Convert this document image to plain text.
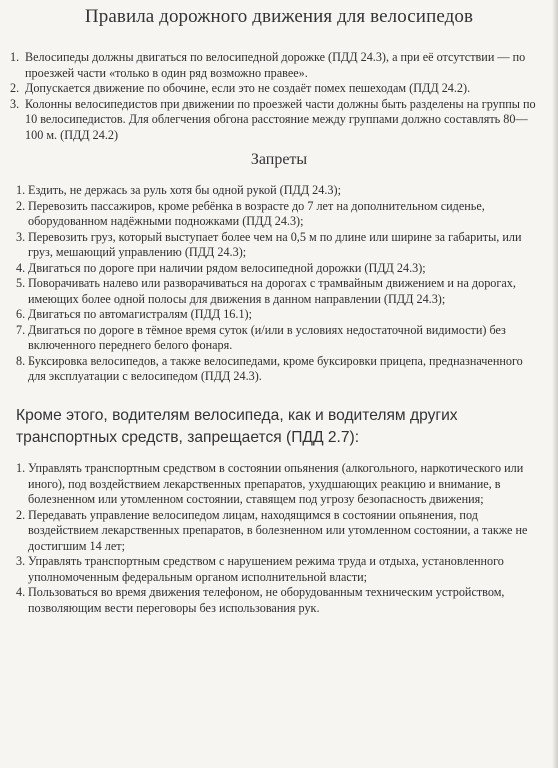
Правила дорожного движения для велосипедов
1. Велосипеды должны двигаться по велосипедной дорожке (ПДД 24.3), а при её отсутствии — по проезжей части «только в один ряд возможно правее».
2. Допускается движение по обочине, если это не создаёт помех пешеходам (ПДД 24.2).
3. Колонны велосипедистов при движении по проезжей части должны быть разделены на группы по 10 велосипедистов. Для облегчения обгона расстояние между группами должно составлять 80—100 м. (ПДД 24.2)
Запреты
1. Ездить, не держась за руль хотя бы одной рукой (ПДД 24.3);
2. Перевозить пассажиров, кроме ребёнка в возрасте до 7 лет на дополнительном сиденье, оборудованном надёжными подножками (ПДД 24.3);
3. Перевозить груз, который выступает более чем на 0,5 м по длине или ширине за габариты, или груз, мешающий управлению (ПДД 24.3);
4. Двигаться по дороге при наличии рядом велосипедной дорожки (ПДД 24.3);
5. Поворачивать налево или разворачиваться на дорогах с трамвайным движением и на дорогах, имеющих более одной полосы для движения в данном направлении (ПДД 24.3);
6. Двигаться по автомагистралям (ПДД 16.1);
7. Двигаться по дороге в тёмное время суток (и/или в условиях недостаточной видимости) без включенного переднего белого фонаря.
8. Буксировка велосипедов, а также велосипедами, кроме буксировки прицепа, предназначенного для эксплуатации с велосипедом (ПДД 24.3).
Кроме этого, водителям велосипеда, как и водителям других транспортных средств, запрещается (ПДД 2.7):
1. Управлять транспортным средством в состоянии опьянения (алкогольного, наркотического или иного), под воздействием лекарственных препаратов, ухудшающих реакцию и внимание, в болезненном или утомленном состоянии, ставящем под угрозу безопасность движения;
2. Передавать управление велосипедом лицам, находящимся в состоянии опьянения, под воздействием лекарственных препаратов, в болезненном или утомленном состоянии, а также не достигшим 14 лет;
3. Управлять транспортным средством с нарушением режима труда и отдыха, установленного уполномоченным федеральным органом исполнительной власти;
4. Пользоваться во время движения телефоном, не оборудованным техническим устройством, позволяющим вести переговоры без использования рук.
